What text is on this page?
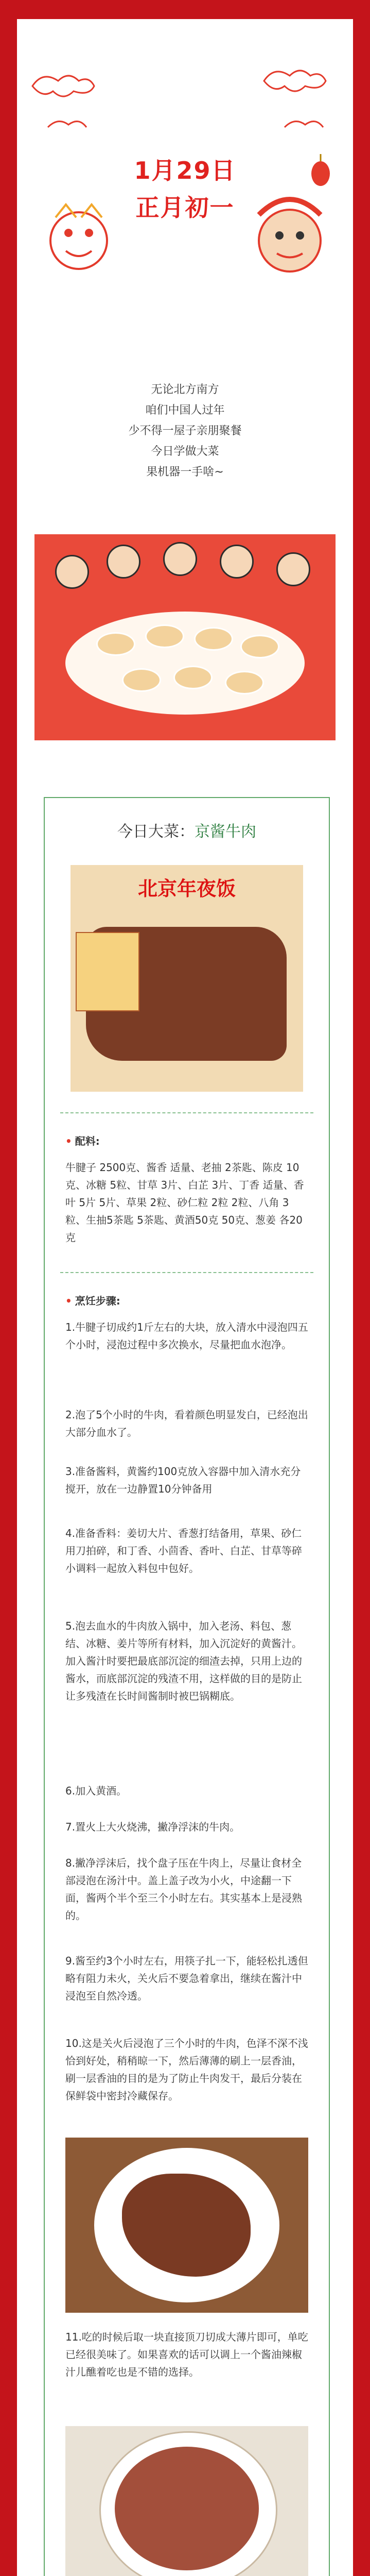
1月29日
正月初一
无论北方南方
咱们中国人过年
少不得一屋子亲朋聚餐
今日学做大菜
果机器一手啥~
今日大菜：京酱牛肉
北京年夜饭
• 配料:
牛腱子 2500克、酱香 适量、老抽 2茶匙、陈皮 10克、冰糖 5粒、甘草 3片、白芷 3片、丁香 适量、香叶 5片 5片、草果 2粒、砂仁粒 2粒 2粒、八角 3粒、生抽5茶匙 5茶匙、黄酒50克 50克、葱姜 各20克
• 烹饪步骤:
1.牛腱子切成约1斤左右的大块，放入清水中浸泡四五个小时，浸泡过程中多次换水，尽量把血水泡净。
2.泡了5个小时的牛肉，看着颜色明显发白，已经泡出大部分血水了。
3.准备酱料，黄酱约100克放入容器中加入清水充分搅开，放在一边静置10分钟备用
4.准备香料：姜切大片、香葱打结备用，草果、砂仁用刀拍碎，和丁香、小茴香、香叶、白芷、甘草等碎小调料一起放入料包中包好。
5.泡去血水的牛肉放入锅中，加入老汤、料包、葱结、冰糖、姜片等所有材料，加入沉淀好的黄酱汁。加入酱汁时要把最底部沉淀的细渣去掉，只用上边的酱水，而底部沉淀的残渣不用，这样做的目的是防止让多残渣在长时间酱制时被巴锅糊底。
6.加入黄酒。
7.置火上大火烧沸，撇净浮沫的牛肉。
8.撇净浮沫后，找个盘子压在牛肉上，尽量让食材全部浸泡在汤汁中。盖上盖子改为小火，中途翻一下面，酱两个半个至三个小时左右。其实基本上是浸熟的。
9.酱至约3个小时左右，用筷子扎一下，能轻松扎透但略有阻力未火，关火后不要急着拿出，继续在酱汁中浸泡至自然冷透。
10.这是关火后浸泡了三个小时的牛肉，色泽不深不浅恰到好处，稍稍晾一下，然后薄薄的刷上一层香油，刷一层香油的目的是为了防止牛肉发干，最后分装在保鲜袋中密封冷藏保存。
11.吃的时候后取一块直接顶刀切成大薄片即可，单吃已经很美味了。如果喜欢的话可以调上一个酱油辣椒汁儿醮着吃也是不错的选择。
